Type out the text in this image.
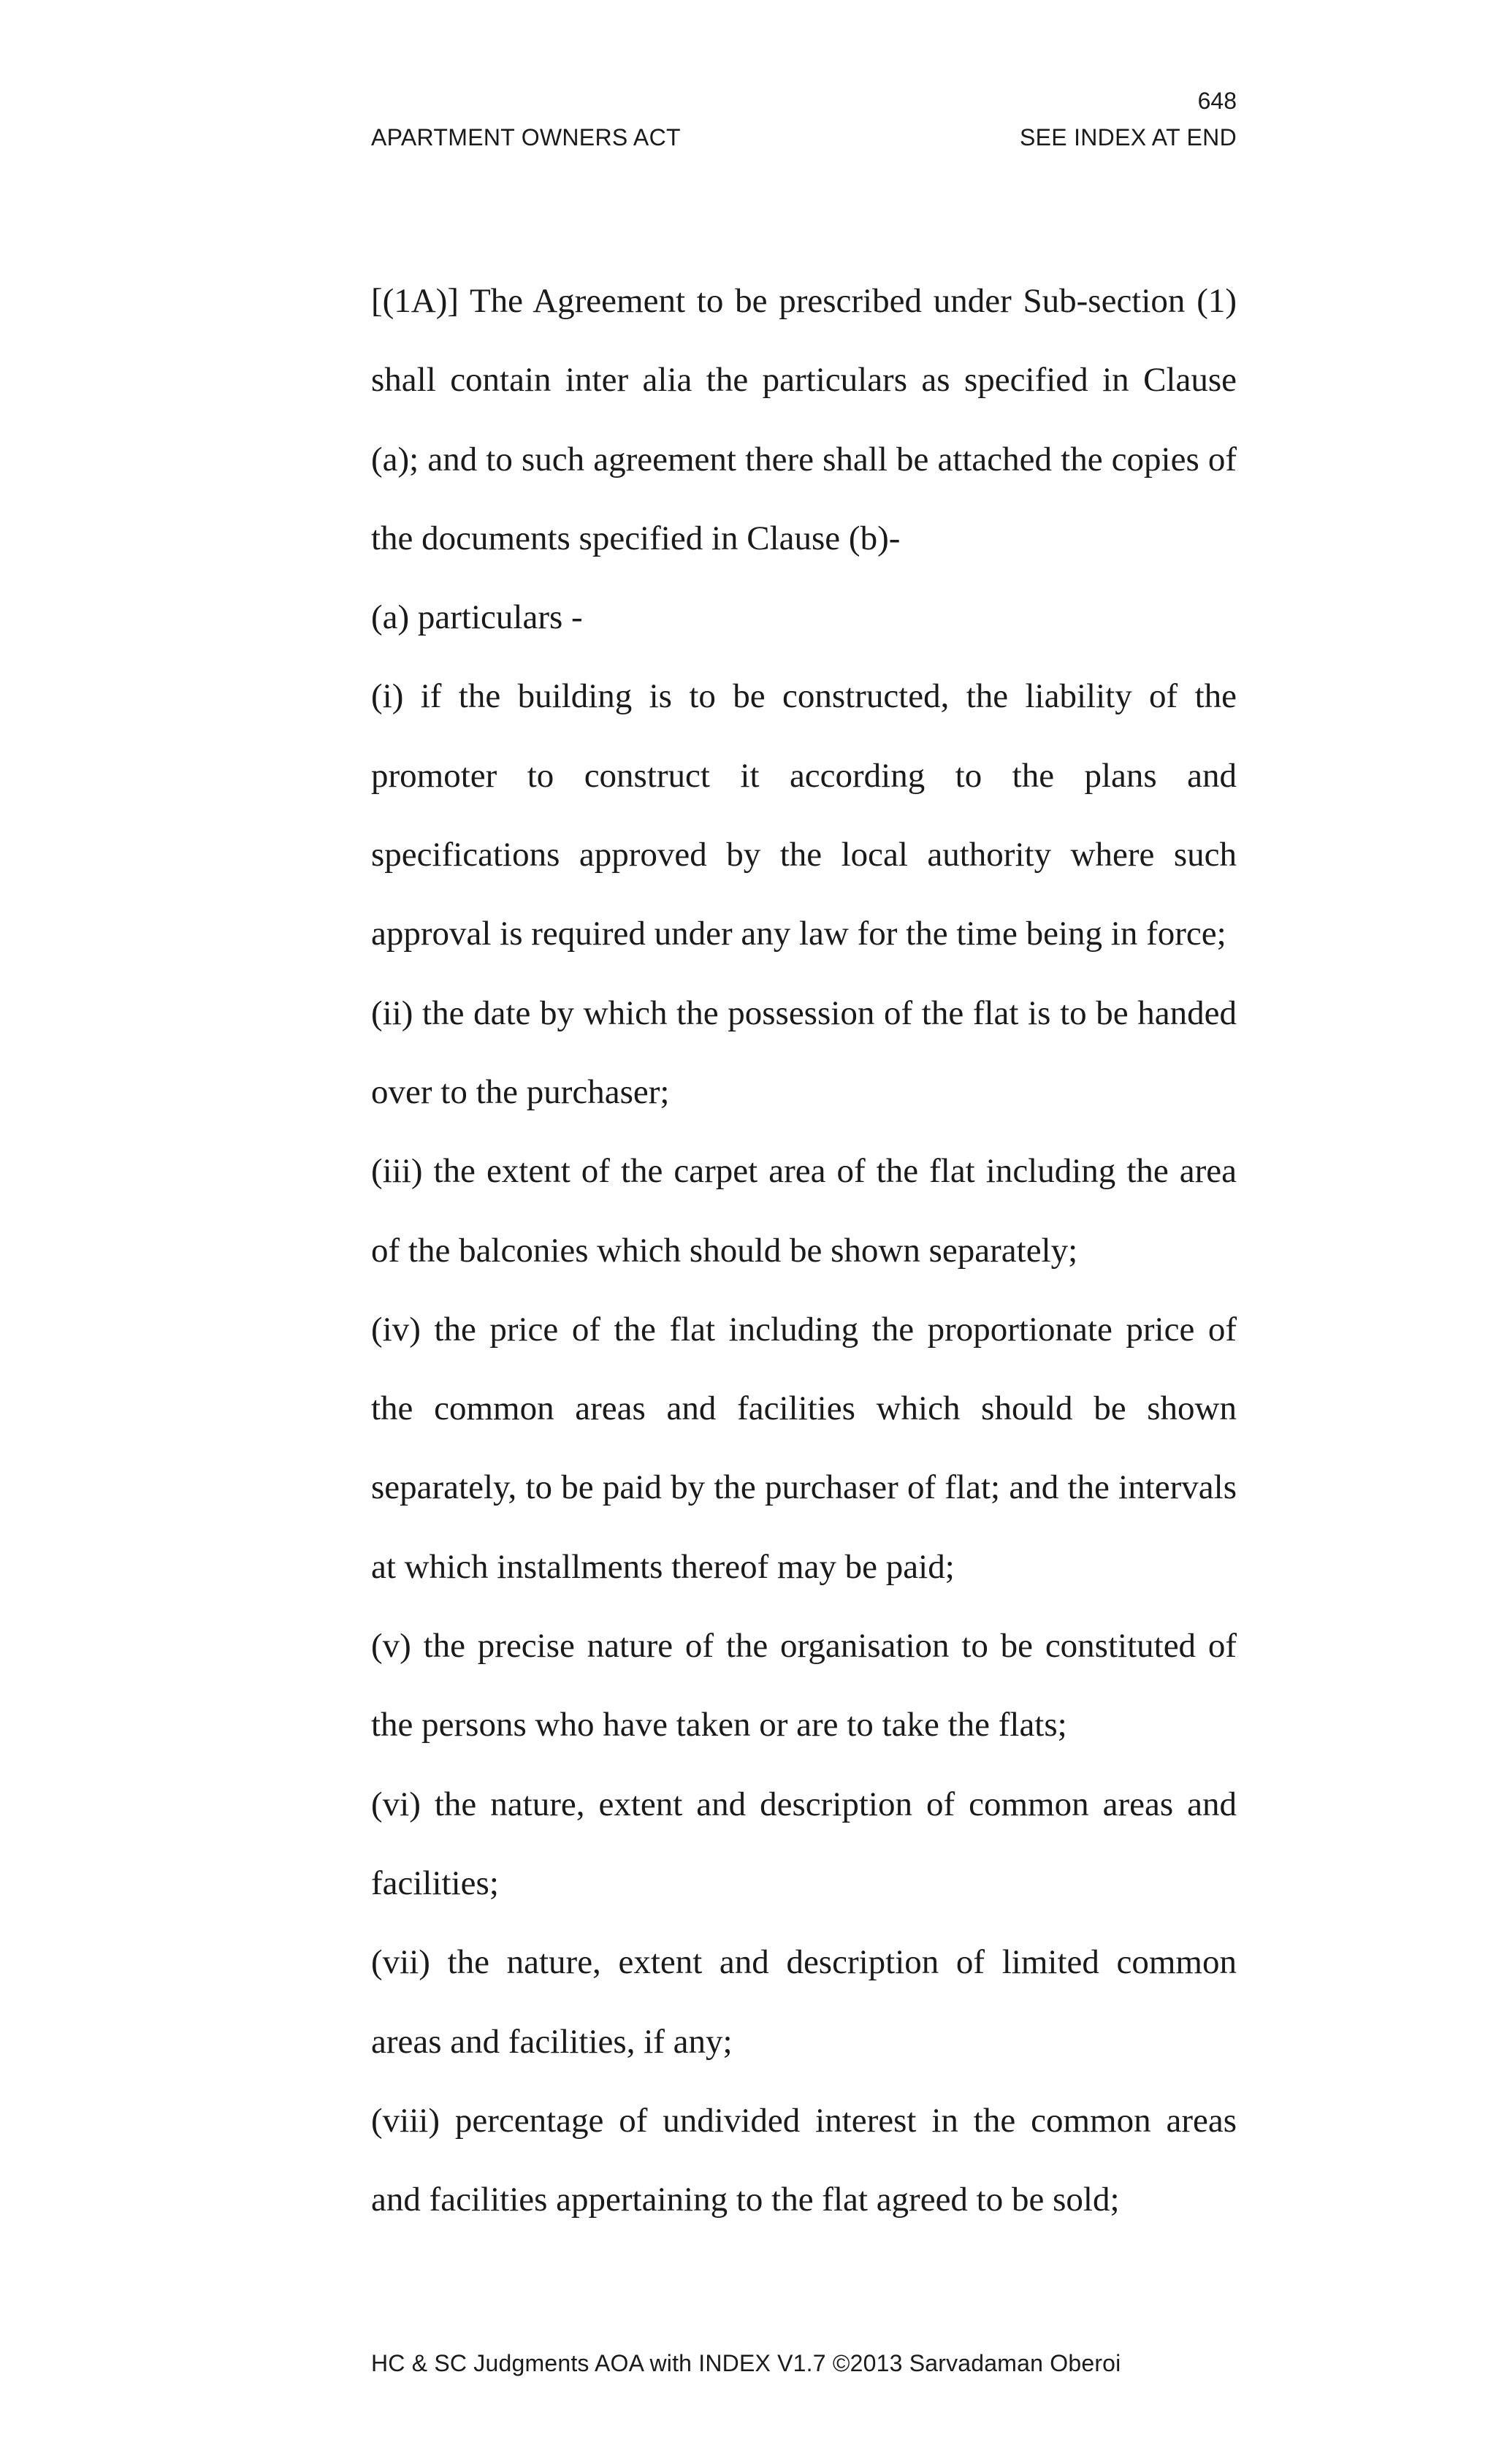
648
APARTMENT OWNERS ACT	SEE INDEX AT END

[(1A)] The Agreement to be prescribed under Sub-section (1) shall contain inter alia the particulars as specified in Clause (a); and to such agreement there shall be attached the copies of the documents specified in Clause (b)-

(a) particulars -

(i) if the building is to be constructed, the liability of the promoter to construct it according to the plans and specifications approved by the local authority where such approval is required under any law for the time being in force;

(ii) the date by which the possession of the flat is to be handed over to the purchaser;

(iii) the extent of the carpet area of the flat including the area of the balconies which should be shown separately;

(iv) the price of the flat including the proportionate price of the common areas and facilities which should be shown separately, to be paid by the purchaser of flat; and the intervals at which installments thereof may be paid;

(v) the precise nature of the organisation to be constituted of the persons who have taken or are to take the flats;

(vi) the nature, extent and description of common areas and facilities;

(vii) the nature, extent and description of limited common areas and facilities, if any;

(viii) percentage of undivided interest in the common areas and facilities appertaining to the flat agreed to be sold;

HC & SC Judgments AOA with INDEX V1.7 ©2013 Sarvadaman Oberoi
